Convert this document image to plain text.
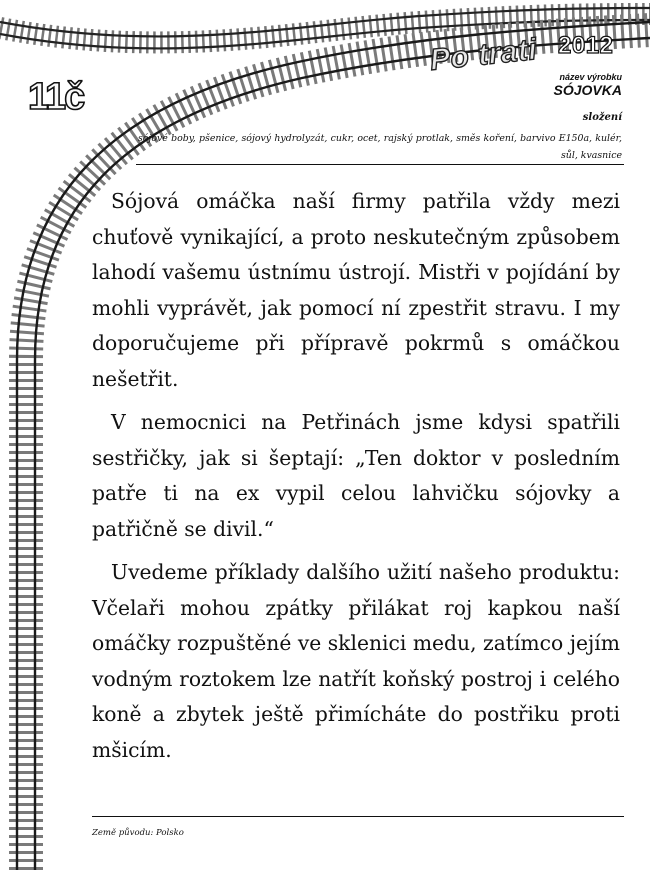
Po trati 2012
11č	název výrobku
SÓJOVKA
složení
sójové boby, pšenice, sójový hydrolyzát, cukr, ocet, rajský protlak, směs koření, barvivo E150a, kulér, sůl, kvasnice

Sójová omáčka naší firmy patřila vždy mezi chuťově vynikající, a proto neskutečným způsobem lahodí vašemu ústnímu ústrojí. Mistři v pojídání by mohli vyprávět, jak pomocí ní zpestřit stravu. I my doporučujeme při přípravě pokrmů s omáčkou nešetřit.

V nemocnici na Petřinách jsme kdysi spatřili sestřičky, jak si šeptají: „Ten doktor v posledním patře ti na ex vypil celou lahvičku sójovky a patřičně se divil.“

Uvedeme příklady dalšího užití našeho produktu: Včelaři mohou zpátky přilákat roj kapkou naší omáčky rozpuštěné ve sklenici medu, zatímco jejím vodným roztokem lze natřít koňský postroj i celého koně a zbytek ještě přimícháte do postřiku proti mšicím.

Země původu: Polsko
